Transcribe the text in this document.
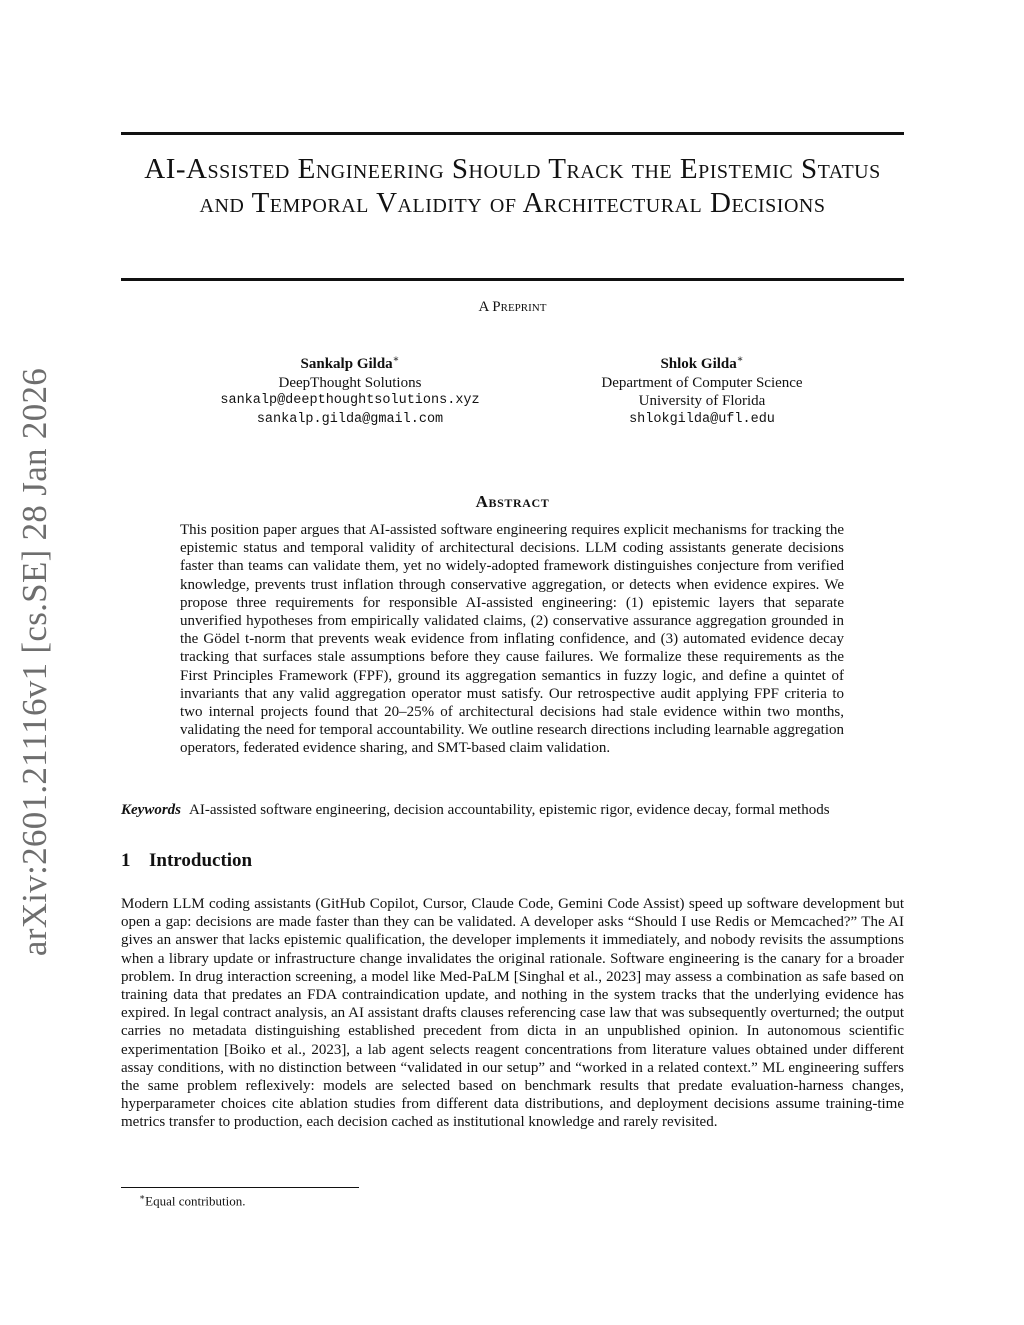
arXiv:2601.21116v1 [cs.SE] 28 Jan 2026
AI-Assisted Engineering Should Track the Epistemic Status and Temporal Validity of Architectural Decisions
A Preprint
Sankalp Gilda∗
DeepThought Solutions
sankalp@deepthoughtsolutions.xyz
sankalp.gilda@gmail.com
Shlok Gilda∗
Department of Computer Science
University of Florida
shlokgilda@ufl.edu
Abstract
This position paper argues that AI-assisted software engineering requires explicit mechanisms for tracking the epistemic status and temporal validity of architectural decisions. LLM coding assistants generate decisions faster than teams can validate them, yet no widely-adopted framework distinguishes conjecture from verified knowledge, prevents trust inflation through conservative aggregation, or detects when evidence expires. We propose three requirements for responsible AI-assisted engineering: (1) epistemic layers that separate unverified hypotheses from empirically validated claims, (2) conservative assurance aggregation grounded in the Gödel t-norm that prevents weak evidence from inflating confidence, and (3) automated evidence decay tracking that surfaces stale assumptions before they cause failures. We formalize these requirements as the First Principles Framework (FPF), ground its aggregation semantics in fuzzy logic, and define a quintet of invariants that any valid aggregation operator must satisfy. Our retrospective audit applying FPF criteria to two internal projects found that 20–25% of architectural decisions had stale evidence within two months, validating the need for temporal accountability. We outline research directions including learnable aggregation operators, federated evidence sharing, and SMT-based claim validation.
Keywords AI-assisted software engineering, decision accountability, epistemic rigor, evidence decay, formal methods
1 Introduction
Modern LLM coding assistants (GitHub Copilot, Cursor, Claude Code, Gemini Code Assist) speed up software development but open a gap: decisions are made faster than they can be validated. A developer asks “Should I use Redis or Memcached?” The AI gives an answer that lacks epistemic qualification, the developer implements it immediately, and nobody revisits the assumptions when a library update or infrastructure change invalidates the original rationale. Software engineering is the canary for a broader problem. In drug interaction screening, a model like Med-PaLM [Singhal et al., 2023] may assess a combination as safe based on training data that predates an FDA contraindication update, and nothing in the system tracks that the underlying evidence has expired. In legal contract analysis, an AI assistant drafts clauses referencing case law that was subsequently overturned; the output carries no metadata distinguishing established precedent from dicta in an unpublished opinion. In autonomous scientific experimentation [Boiko et al., 2023], a lab agent selects reagent concentrations from literature values obtained under different assay conditions, with no distinction between “validated in our setup” and “worked in a related context.” ML engineering suffers the same problem reflexively: models are selected based on benchmark results that predate evaluation-harness changes, hyperparameter choices cite ablation studies from different data distributions, and deployment decisions assume training-time metrics transfer to production, each decision cached as institutional knowledge and rarely revisited.
∗Equal contribution.
